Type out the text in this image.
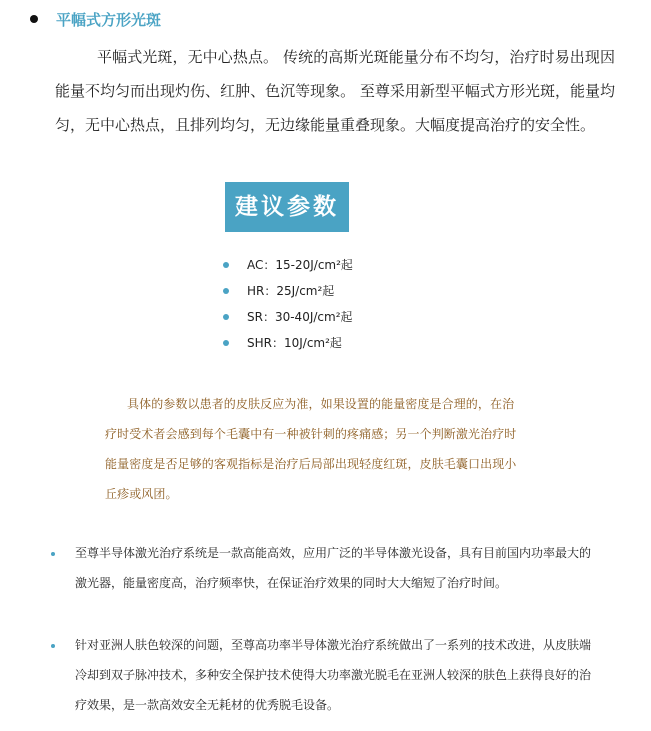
平幅式方形光斑
平幅式光斑，无中心热点。 传统的高斯光斑能量分布不均匀，治疗时易出现因能量不均匀而出现灼伤、红肿、色沉等现象。 至尊采用新型平幅式方形光斑，能量均匀，无中心热点，且排列均匀，无边缘能量重叠现象。大幅度提高治疗的安全性。
建议参数
AC：15-20J/cm²起
HR：25J/cm²起
SR：30-40J/cm²起
SHR：10J/cm²起
具体的参数以患者的皮肤反应为准，如果设置的能量密度是合理的，在治疗时受术者会感到每个毛囊中有一种被针刺的疼痛感；另一个判断激光治疗时能量密度是否足够的客观指标是治疗后局部出现轻度红斑，皮肤毛囊口出现小丘疹或风团。
至尊半导体激光治疗系统是一款高能高效，应用广泛的半导体激光设备，具有目前国内功率最大的激光器，能量密度高，治疗频率快，在保证治疗效果的同时大大缩短了治疗时间。
针对亚洲人肤色较深的问题，至尊高功率半导体激光治疗系统做出了一系列的技术改进，从皮肤端冷却到双子脉冲技术，多种安全保护技术使得大功率激光脱毛在亚洲人较深的肤色上获得良好的治疗效果，是一款高效安全无耗材的优秀脱毛设备。
